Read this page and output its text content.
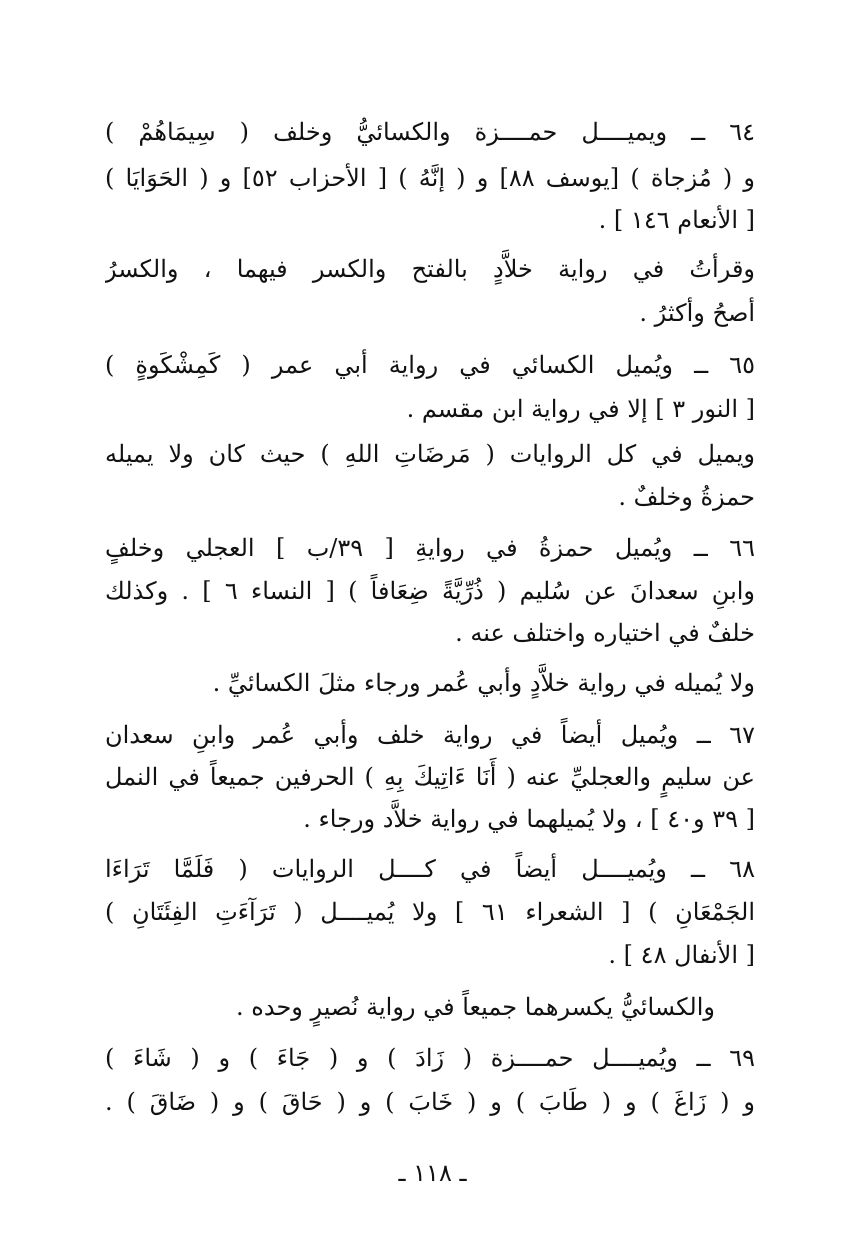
٦٤ ــ ويميــــل حمــــزة والكسائيُّ وخلف ( سِيمَاهُمْ )
و ( مُزجاة ) [يوسف ٨٨] و ( إنَّهُ ) [ الأحزاب ٥٢] و ( الحَوَايَا )
[ الأنعام ١٤٦ ] .
وقرأتُ في رواية خلاَّدٍ بالفتح والكسر فيهما ، والكسرُ
أصحُ وأكثرُ .
٦٥ ــ ويُميل الكسائي في رواية أبي عمر ( كَمِشْكَوةٍ )
[ النور ٣ ] إلا في رواية ابن مقسم .
ويميل في كل الروايات ( مَرضَاتِ اللهِ ) حيث كان ولا يميله
حمزةُ وخلفٌ .
٦٦ ــ ويُميل حمزةُ في روايةِ [ ٣٩/ب ] العجلي وخلفٍ
وابنِ سعدانَ عن سُليم ( ذُرِّيَّةً ضِعَافاً ) [ النساء ٦ ] . وكذلك
خلفٌ في اختياره واختلف عنه .
ولا يُميله في رواية خلاَّدٍ وأبي عُمر ورجاء مثلَ الكسائيِّ .
٦٧ ــ ويُميل أيضاً في رواية خلف وأبي عُمر وابنِ سعدان
عن سليمٍ والعجليِّ عنه ( أَنَا ءَاتِيكَ بِهِ ) الحرفين جميعاً في النمل
[ ٣٩ و٤٠ ] ، ولا يُميلهما في رواية خلاَّد ورجاء .
٦٨ ــ ويُميــــل أيضاً في كــــل الروايات ( فَلَمَّا تَرَاءَا
الجَمْعَانِ ) [ الشعراء ٦١ ] ولا يُميــــل ( تَرَآءَتِ الفِئَتَانِ )
[ الأنفال ٤٨ ] .
والكسائيُّ يكسرهما جميعاً في رواية نُصيرٍ وحده .
٦٩ ــ ويُميــــل حمــــزة ( زَادَ ) و ( جَاءَ ) و ( شَاءَ )
و ( زَاغَ ) و ( طَابَ ) و ( خَابَ ) و ( حَاقَ ) و ( ضَاقَ ) .
ـ ١١٨ ـ
